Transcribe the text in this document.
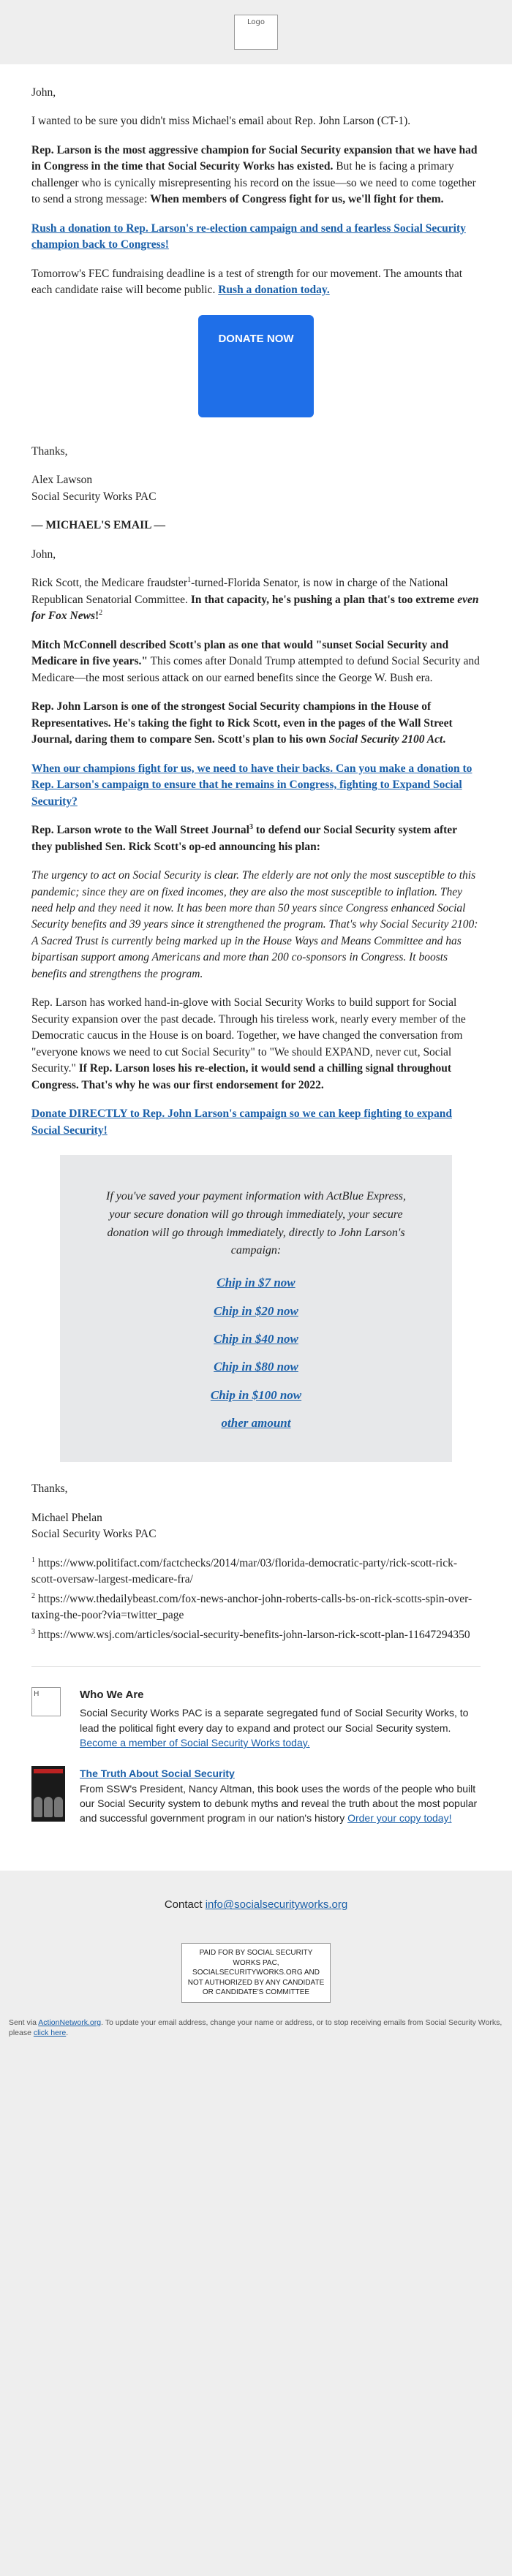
Logo

John,

I wanted to be sure you didn't miss Michael's email about Rep. John Larson (CT-1).

Rep. Larson is the most aggressive champion for Social Security expansion that we have had in Congress in the time that Social Security Works has existed. But he is facing a primary challenger who is cynically misrepresenting his record on the issue—so we need to come together to send a strong message: When members of Congress fight for us, we'll fight for them.

Rush a donation to Rep. Larson's re-election campaign and send a fearless Social Security champion back to Congress!

Tomorrow's FEC fundraising deadline is a test of strength for our movement. The amounts that each candidate raise will become public. Rush a donation today.

DONATE NOW

Thanks,

Alex Lawson
Social Security Works PAC

— MICHAEL'S EMAIL —

John,

Rick Scott, the Medicare fraudster$^1$-turned-Florida Senator, is now in charge of the National Republican Senatorial Committee. In that capacity, he's pushing a plan that's too extreme even for Fox News!$^2$

Mitch McConnell described Scott's plan as one that would "sunset Social Security and Medicare in five years." This comes after Donald Trump attempted to defund Social Security and Medicare—the most serious attack on our earned benefits since the George W. Bush era.

Rep. John Larson is one of the strongest Social Security champions in the House of Representatives. He's taking the fight to Rick Scott, even in the pages of the Wall Street Journal, daring them to compare Sen. Scott's plan to his own Social Security 2100 Act.

When our champions fight for us, we need to have their backs. Can you make a donation to Rep. Larson's campaign to ensure that he remains in Congress, fighting to Expand Social Security?

Rep. Larson wrote to the Wall Street Journal$^3$ to defend our Social Security system after they published Sen. Rick Scott's op-ed announcing his plan:

The urgency to act on Social Security is clear. The elderly are not only the most susceptible to this pandemic; since they are on fixed incomes, they are also the most susceptible to inflation. They need help and they need it now. It has been more than 50 years since Congress enhanced Social Security benefits and 39 years since it strengthened the program. That's why Social Security 2100: A Sacred Trust is currently being marked up in the House Ways and Means Committee and has bipartisan support among Americans and more than 200 co-sponsors in Congress. It boosts benefits and strengthens the program.

Rep. Larson has worked hand-in-glove with Social Security Works to build support for Social Security expansion over the past decade. Through his tireless work, nearly every member of the Democratic caucus in the House is on board. Together, we have changed the conversation from "everyone knows we need to cut Social Security" to "We should EXPAND, never cut, Social Security." If Rep. Larson loses his re-election, it would send a chilling signal throughout Congress. That's why he was our first endorsement for 2022.

Donate DIRECTLY to Rep. John Larson's campaign so we can keep fighting to expand Social Security!

If you've saved your payment information with ActBlue Express, your secure donation will go through immediately, your secure donation will go through immediately, directly to John Larson's campaign:
Chip in $7 now
Chip in $20 now
Chip in $40 now
Chip in $80 now
Chip in $100 now
other amount

Thanks,

Michael Phelan
Social Security Works PAC

$^1$ https://www.politifact.com/factchecks/2014/mar/03/florida-democratic-party/rick-scott-rick-scott-oversaw-largest-medicare-fra/
$^2$ https://www.thedailybeast.com/fox-news-anchor-john-roberts-calls-bs-on-rick-scotts-spin-over-taxing-the-poor?via=twitter_page
$^3$ https://www.wsj.com/articles/social-security-benefits-john-larson-rick-scott-plan-11647294350
H	Who We Are
Social Security Works PAC is a separate segregated fund of Social Security Works, to lead the political fight every day to expand and protect our Social Security system. Become a member of Social Security Works today.
The Truth About Social Security
From SSW's President, Nancy Altman, this book uses the words of the people who built our Social Security system to debunk myths and reveal the truth about the most popular and successful government program in our nation's history Order your copy today!
Contact info@socialsecurityworks.org
PAID FOR BY SOCIAL SECURITY WORKS PAC, SOCIALSECURITYWORKS.ORG AND NOT AUTHORIZED BY ANY CANDIDATE OR CANDIDATE'S COMMITTEE
Sent via ActionNetwork.org. To update your email address, change your name or address, or to stop receiving emails from Social Security Works, please click here.
